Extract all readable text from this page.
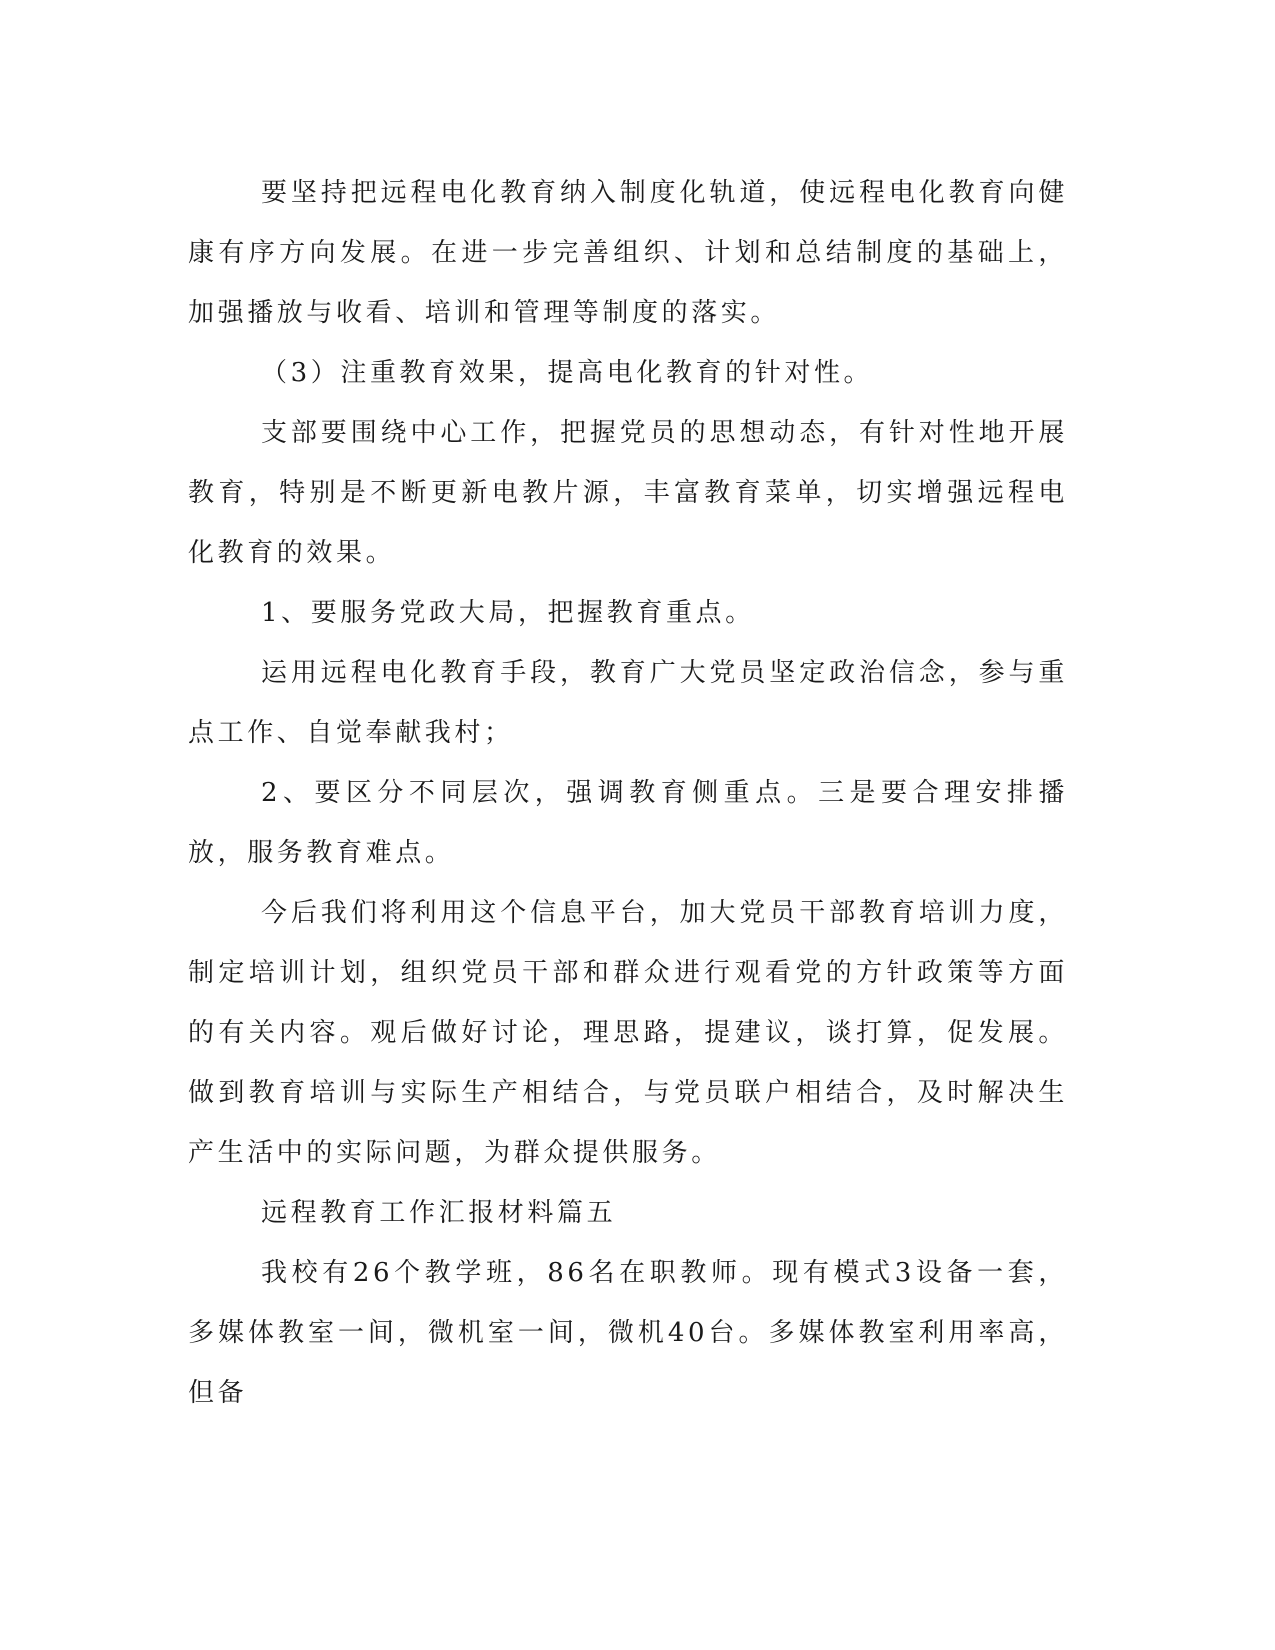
要坚持把远程电化教育纳入制度化轨道，使远程电化教育向健康有序方向发展。在进一步完善组织、计划和总结制度的基础上，加强播放与收看、培训和管理等制度的落实。

（3）注重教育效果，提高电化教育的针对性。

支部要围绕中心工作，把握党员的思想动态，有针对性地开展教育，特别是不断更新电教片源，丰富教育菜单，切实增强远程电化教育的效果。

1、要服务党政大局，把握教育重点。

运用远程电化教育手段，教育广大党员坚定政治信念，参与重点工作、自觉奉献我村；

2、要区分不同层次，强调教育侧重点。三是要合理安排播放，服务教育难点。

今后我们将利用这个信息平台，加大党员干部教育培训力度，制定培训计划，组织党员干部和群众进行观看党的方针政策等方面的有关内容。观后做好讨论，理思路，提建议，谈打算，促发展。做到教育培训与实际生产相结合，与党员联户相结合，及时解决生产生活中的实际问题，为群众提供服务。

远程教育工作汇报材料篇五

我校有26个教学班，86名在职教师。现有模式3设备一套，多媒体教室一间，微机室一间，微机40台。多媒体教室利用率高，但备
